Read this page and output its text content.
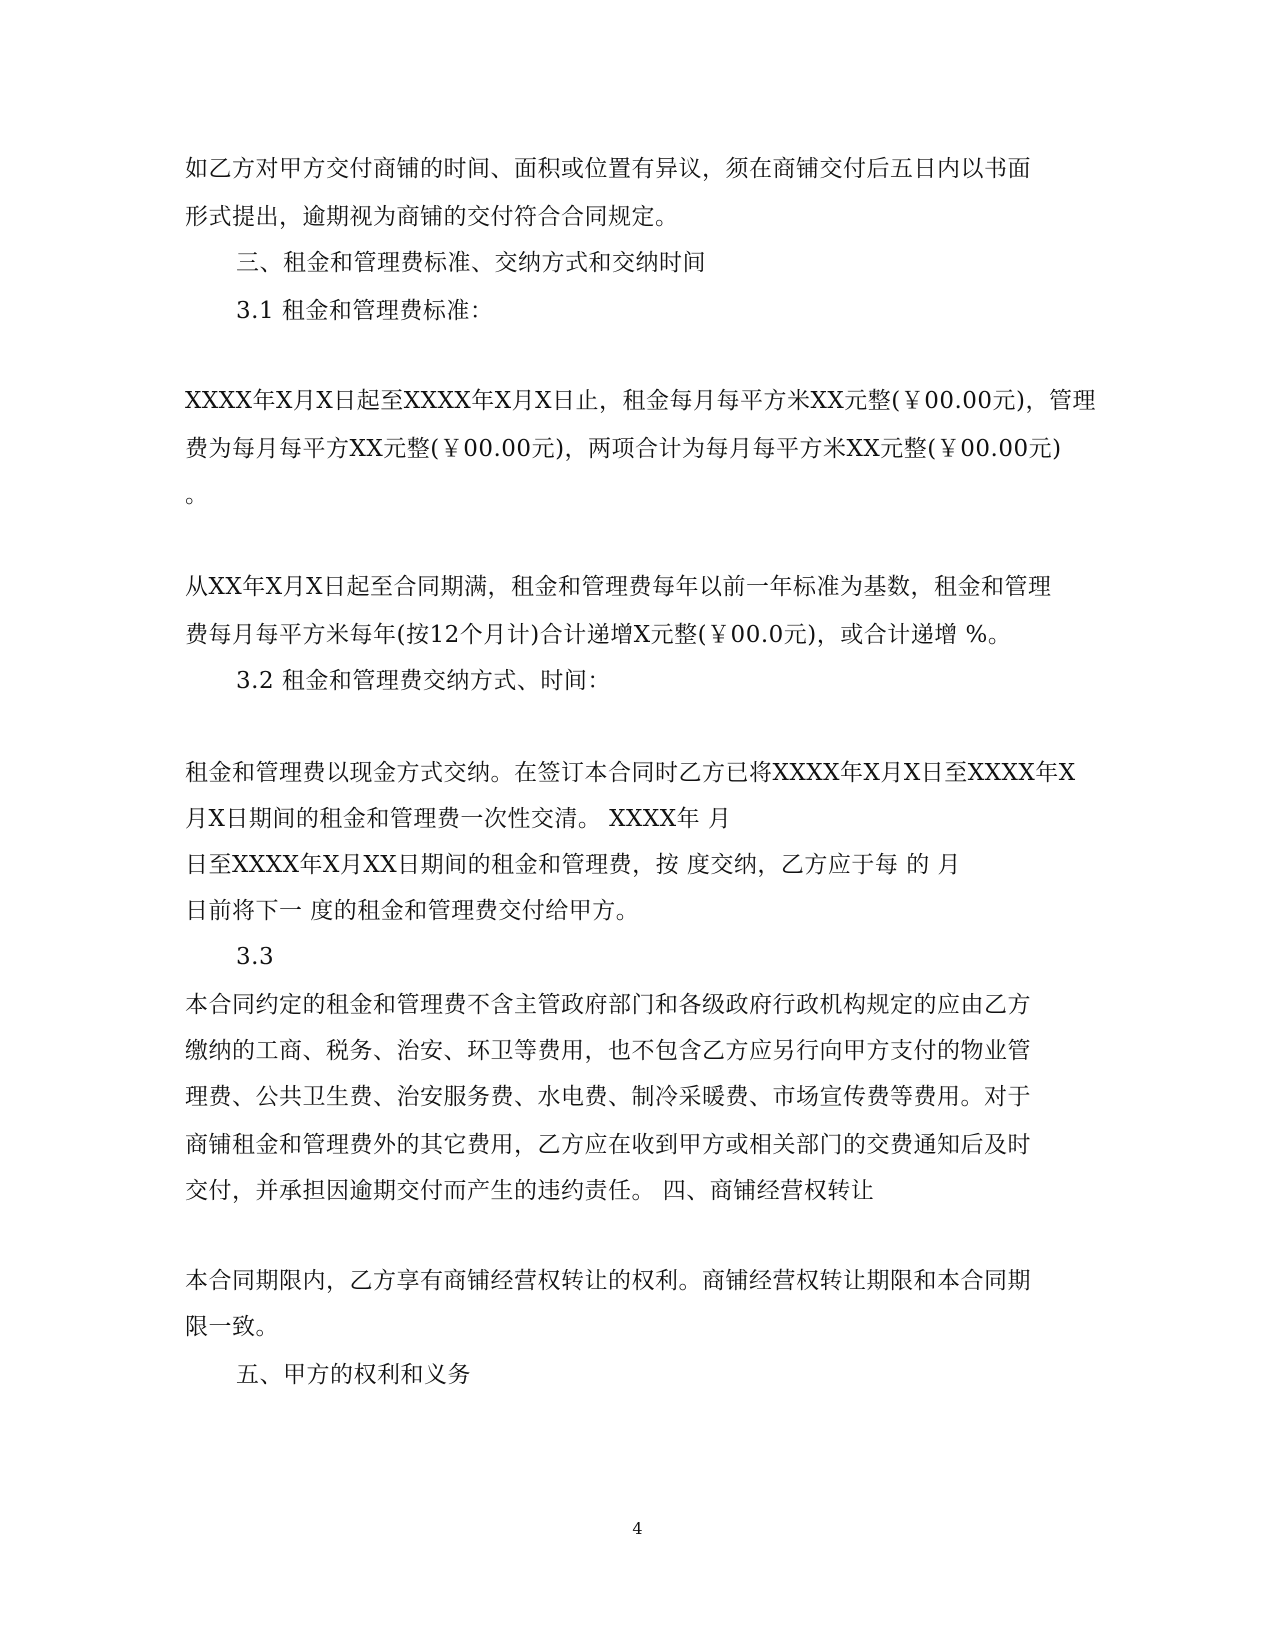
如乙方对甲方交付商铺的时间、面积或位置有异议，须在商铺交付后五日内以书面
形式提出，逾期视为商铺的交付符合合同规定。
三、租金和管理费标准、交纳方式和交纳时间
3.1 租金和管理费标准：
XXXX年X月X日起至XXXX年X月X日止，租金每月每平方米XX元整(￥00.00元)，管理
费为每月每平方XX元整(￥00.00元)，两项合计为每月每平方米XX元整(￥00.00元)
。
从XX年X月X日起至合同期满，租金和管理费每年以前一年标准为基数，租金和管理
费每月每平方米每年(按12个月计)合计递增X元整(￥00.0元)，或合计递增 %。
3.2 租金和管理费交纳方式、时间：
租金和管理费以现金方式交纳。在签订本合同时乙方已将XXXX年X月X日至XXXX年X
月X日期间的租金和管理费一次性交清。 XXXX年 月
日至XXXX年X月XX日期间的租金和管理费，按 度交纳，乙方应于每 的 月
日前将下一 度的租金和管理费交付给甲方。
3.3
本合同约定的租金和管理费不含主管政府部门和各级政府行政机构规定的应由乙方
缴纳的工商、税务、治安、环卫等费用，也不包含乙方应另行向甲方支付的物业管
理费、公共卫生费、治安服务费、水电费、制冷采暖费、市场宣传费等费用。对于
商铺租金和管理费外的其它费用，乙方应在收到甲方或相关部门的交费通知后及时
交付，并承担因逾期交付而产生的违约责任。 四、商铺经营权转让
本合同期限内，乙方享有商铺经营权转让的权利。商铺经营权转让期限和本合同期
限一致。
五、甲方的权利和义务
4
